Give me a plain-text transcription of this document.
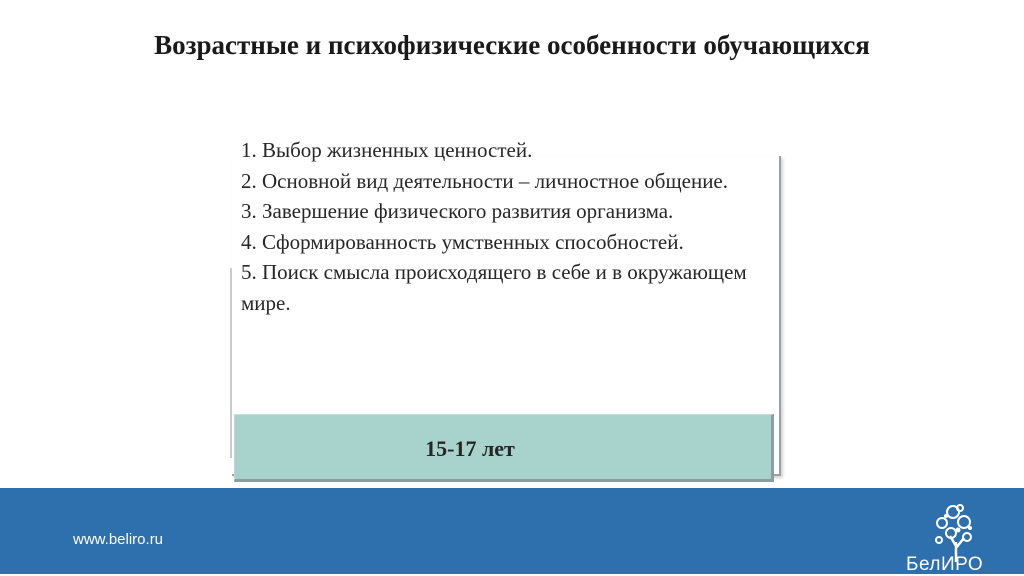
Возрастные и психофизические особенности обучающихся
1. Выбор жизненных ценностей.
2. Основной вид деятельности – личностное общение.
3. Завершение физического развития организма.
4. Сформированность умственных способностей.
5. Поиск смысла происходящего в себе и в окружающем мире.
15-17 лет
www.beliro.ru
БелИРО
